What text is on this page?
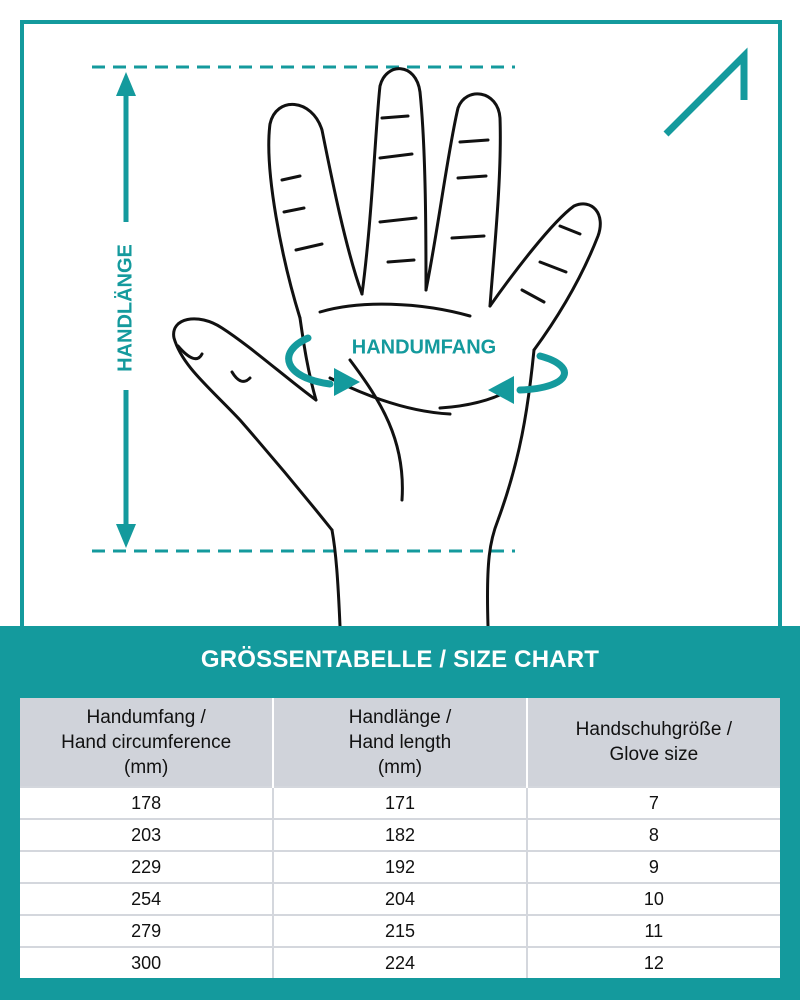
HANDLÄNGE	HANDUMFANG
GRÖSSENTABELLE / SIZE CHART
Handumfang /
Hand circumference
(mm)	Handlänge /
Hand length
(mm)	Handschuhgröße /
Glove size

178	171	7
203	182	8
229	192	9
254	204	10
279	215	11
300	224	12
